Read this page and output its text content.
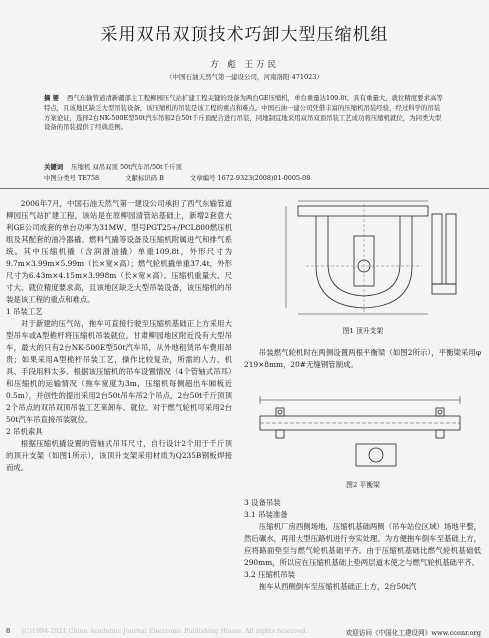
采用双吊双顶技术巧卸大型压缩机组
方 彪 王万民
（中国石油天然气第一建设公司，河南洛阳 471023）
摘 要 西气东输管道清新疆部主工程柳园压气站扩建工程关键的设备为两台GE压缩机，单台重量达109.8t，具有重量大、就位精度要求高等特点，且该地区缺乏大型吊装设备，该压缩机的吊装是该工程的重点和难点。中国石油一建公司凭借丰富的压缩机吊装经验，经过科学的吊装方案论证，选择2台NK-500E型50t汽车吊和2台50t千斤顶配合进行吊装，同地制宜地采用双吊双顶吊装工艺成功将压缩机就位，为同类大型设备的吊装提供了经典范例。
关键词 压缩机 双吊双顶 50t汽车吊/50t千斤顶
中图分类号 TE758	文献标识码 B	文章编号 1672-9323(2008)01-0005-08

2006年7月，中国石油天然气第一建设公司承担了西气东输管道柳园压气站扩建工程，该站是在原柳园清管站基础上，新增2套意大利GE公司成套的单台功率为31MW、型号PGT25+/PCL800燃压机组及其配套的油冷器撬、燃料气撬等设备及压缩机附属进气和排气系统。其中压缩机撬（含润滑油撬）单重109.8t，外形尺寸为9.7m×3.99m×5.99m（长×宽×高）；燃气轮机撬单重37.4t，外形尺寸为6.43m×4.15m×3.998m（长×宽×高）。压缩机重量大、尺寸大、就位精度要求高，且该地区缺乏大型吊装设备，该压缩机的吊装是该工程的重点和难点。

1 吊装工艺

对于新建的压气站，拖车可直接行驶至压缩机基础正上方采用大型吊车或A型桅杆将压缩机吊装就位。甘肃柳园地区附近没有大型吊车，最大的只有2台NK-500E型50t汽车吊，从外地租赁吊车费用昂贵；如果采用A型桅杆吊装工艺，操作比较复杂，所需的人力、机具、手段用料太多。根据该压缩机的吊车设置情况（4个管轴式吊耳）和压缩机的运输情况（拖车宽度为3m，压缩机每侧超出车厢板近0.5m），并创性的提出采用2台50t吊车吊2个吊点，2台50t千斤顶顶2个吊点的双吊双顶吊装工艺来卸车、就位。对于燃气轮机可采用2台50t汽车吊直接吊装就位。

2 吊机索具

根据压缩机撬设置的管轴式吊耳尺寸，自行设计2个用于千斤顶的顶升支架（如图1所示），该顶升支架采用材质为Q235B钢板焊接而成。

图1 顶升支架

吊装燃气轮机时在两侧设置两根平衡梁（如图2所示），平衡梁采用φ 219×8mm，20#无缝钢管制成。

图2 平衡梁

3 设备吊装

3.1 吊装准备

压缩机厂房西侧场地，压缩机基础两侧（吊车站位区域）场地平整，然后碾水，再用大型压路机进行夯实处理。为方便拖车倒车至基础上方，应将路面垫至与燃气轮机基础平齐。由于压缩机基础比燃气轮机基础低290mm，所以应在压缩机基础上垫两层道木使之与燃气轮机基础平齐。

3.2 压缩机吊装

拖车从西侧倒车至压缩机基础正上方，2台50t汽

8 (C)1994-2021 China Academic Journal Electronic Publishing House. All rights reserved.	欢迎访问《中国化工建设网》www.ccenr.org
